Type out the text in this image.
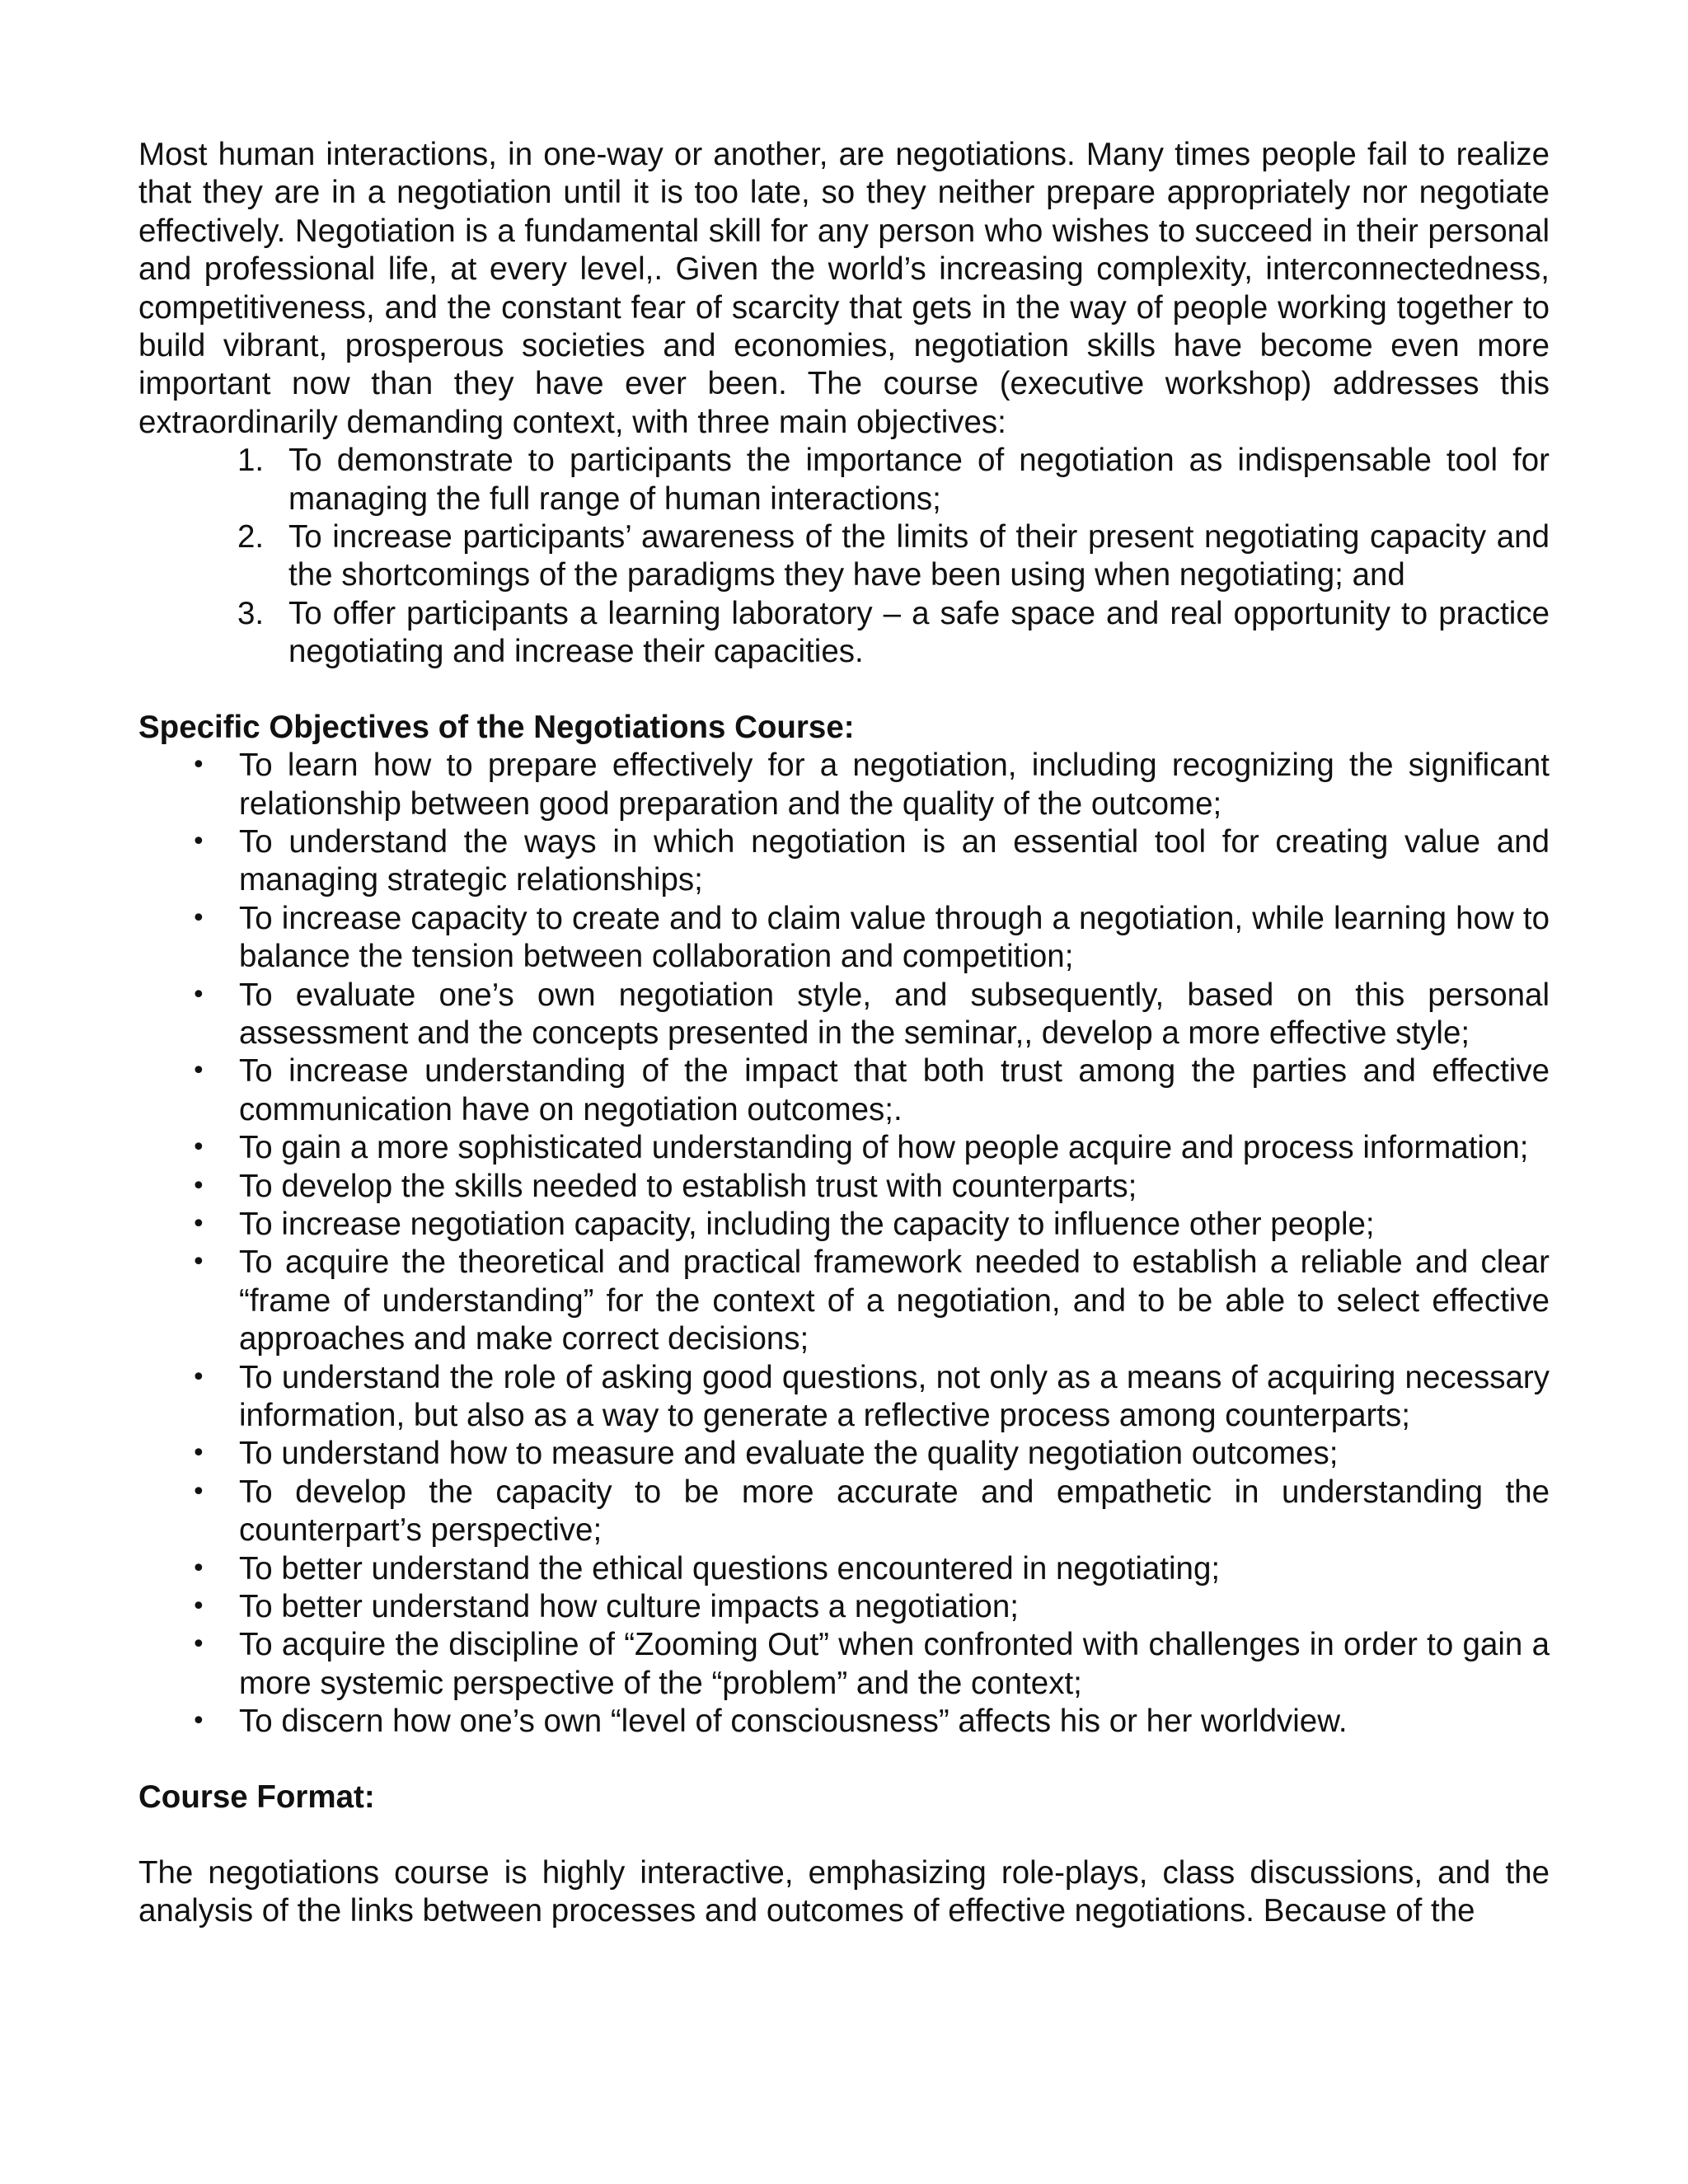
Most human interactions, in one-way or another, are negotiations. Many times people fail to realize that they are in a negotiation until it is too late, so they neither prepare appropriately nor negotiate effectively. Negotiation is a fundamental skill for any person who wishes to succeed in their personal and professional life, at every level,. Given the world’s increasing complexity, interconnectedness, competitiveness, and the constant fear of scarcity that gets in the way of people working together to build vibrant, prosperous societies and economies, negotiation skills have become even more important now than they have ever been. The course (executive workshop) addresses this extraordinarily demanding context, with three main objectives:

1. To demonstrate to participants the importance of negotiation as indispensable tool for managing the full range of human interactions;
2. To increase participants’ awareness of the limits of their present negotiating capacity and the shortcomings of the paradigms they have been using when negotiating; and
3. To offer participants a learning laboratory – a safe space and real opportunity to practice negotiating and increase their capacities.

Specific Objectives of the Negotiations Course:

• To learn how to prepare effectively for a negotiation, including recognizing the significant relationship between good preparation and the quality of the outcome;
• To understand the ways in which negotiation is an essential tool for creating value and managing strategic relationships;
• To increase capacity to create and to claim value through a negotiation, while learning how to balance the tension between collaboration and competition;
• To evaluate one’s own negotiation style, and subsequently, based on this personal assessment and the concepts presented in the seminar,, develop a more effective style;
• To increase understanding of the impact that both trust among the parties and effective communication have on negotiation outcomes;.
• To gain a more sophisticated understanding of how people acquire and process information;
• To develop the skills needed to establish trust with counterparts;
• To increase negotiation capacity, including the capacity to influence other people;
• To acquire the theoretical and practical framework needed to establish a reliable and clear “frame of understanding” for the context of a negotiation, and to be able to select effective approaches and make correct decisions;
• To understand the role of asking good questions, not only as a means of acquiring necessary information, but also as a way to generate a reflective process among counterparts;
• To understand how to measure and evaluate the quality negotiation outcomes;
• To develop the capacity to be more accurate and empathetic in understanding the counterpart’s perspective;
• To better understand the ethical questions encountered in negotiating;
• To better understand how culture impacts a negotiation;
• To acquire the discipline of “Zooming Out” when confronted with challenges in order to gain a more systemic perspective of the “problem” and the context;
• To discern how one’s own “level of consciousness” affects his or her worldview.

Course Format:

The negotiations course is highly interactive, emphasizing role-plays, class discussions, and the analysis of the links between processes and outcomes of effective negotiations. Because of the
